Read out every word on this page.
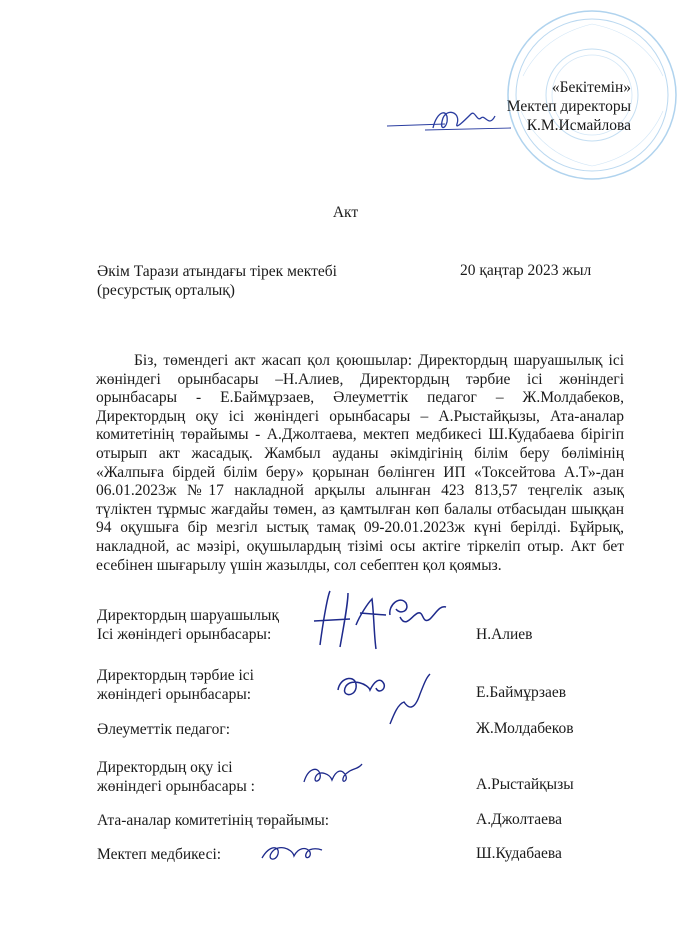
«Бекітемін»
Мектеп директоры
К.М.Исмайлова
Акт
Әкім Тарази атындағы тірек мектебі
(ресурстық орталық)
20 қаңтар 2023 жыл
Біз, төмендегі акт жасап қол қоюшылар: Директордың шаруашылық ісі жөніндегі орынбасары –Н.Алиев, Директордың тәрбие ісі жөніндегі орынбасары - Е.Баймұрзаев, Әлеуметтік педагог – Ж.Молдабеков, Директордың оқу ісі жөніндегі орынбасары – А.Рыстайқызы, Ата-аналар комитетінің төрайымы - А.Джолтаева, мектеп медбикесі Ш.Кудабаева бірігіп отырып акт жасадық. Жамбыл ауданы әкімдігінің білім беру бөлімінің «Жалпыға бірдей білім беру» қорынан бөлінген ИП «Токсейтова А.Т»-дан 06.01.2023ж №17 накладной арқылы алынған 423 813,57 теңгелік азық түліктен тұрмыс жағдайы төмен, аз қамтылған көп балалы отбасыдан шыққан 94 оқушыға бір мезгіл ыстық тамақ 09-20.01.2023ж күні берілді. Бұйрық, накладной, ас мәзірі, оқушылардың тізімі осы актіге тіркеліп отыр. Акт бет есебінен шығарылу үшін жазылды, сол себептен қол қоямыз.
Директордың шаруашылық
Ісі жөніндегі орынбасары:	Н.Алиев
Директордың тәрбие ісі
жөніндегі орынбасары:	Е.Баймұрзаев
Әлеуметтік педагог:	Ж.Молдабеков
Директордың оқу ісі
жөніндегі орынбасары :	А.Рыстайқызы
Ата-аналар комитетінің төрайымы:	А.Джолтаева
Мектеп медбикесі:	Ш.Кудабаева
